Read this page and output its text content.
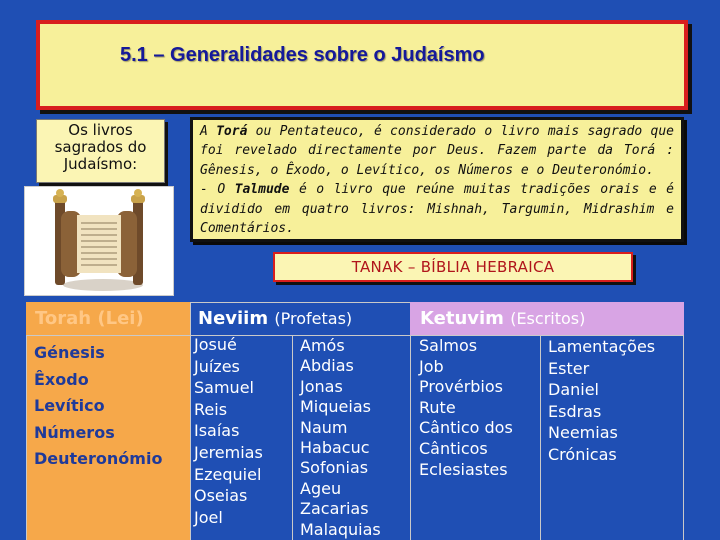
5.1 – Generalidades sobre o Judaísmo
Os livros sagrados do Judaísmo:
A Torá ou Pentateuco, é considerado o livro mais sagrado que foi revelado directamente por Deus. Fazem parte da Torá : Gênesis, o Êxodo, o Levítico, os Números e o Deuteronómio.
- O Talmude é o livro que reúne muitas tradições orais e é dividido em quatro livros: Mishnah, Targumin, Midrashim e Comentários.
TANAK – BÍBLIA HEBRAICA
Torah (Lei)	Neviim (Profetas)	Ketuvim (Escritos)
Génesis
Êxodo
Levítico
Números
Deuteronómio
Josué
Juízes
Samuel
Reis
Isaías
Jeremias
Ezequiel
Oseias
Joel
Amós
Abdias
Jonas
Miqueias
Naum
Habacuc
Sofonias
Ageu
Zacarias
Malaquias
Salmos
Job
Provérbios
Rute
Cântico dos Cânticos
Eclesiastes
Lamentações
Ester
Daniel
Esdras
Neemias
Crónicas
